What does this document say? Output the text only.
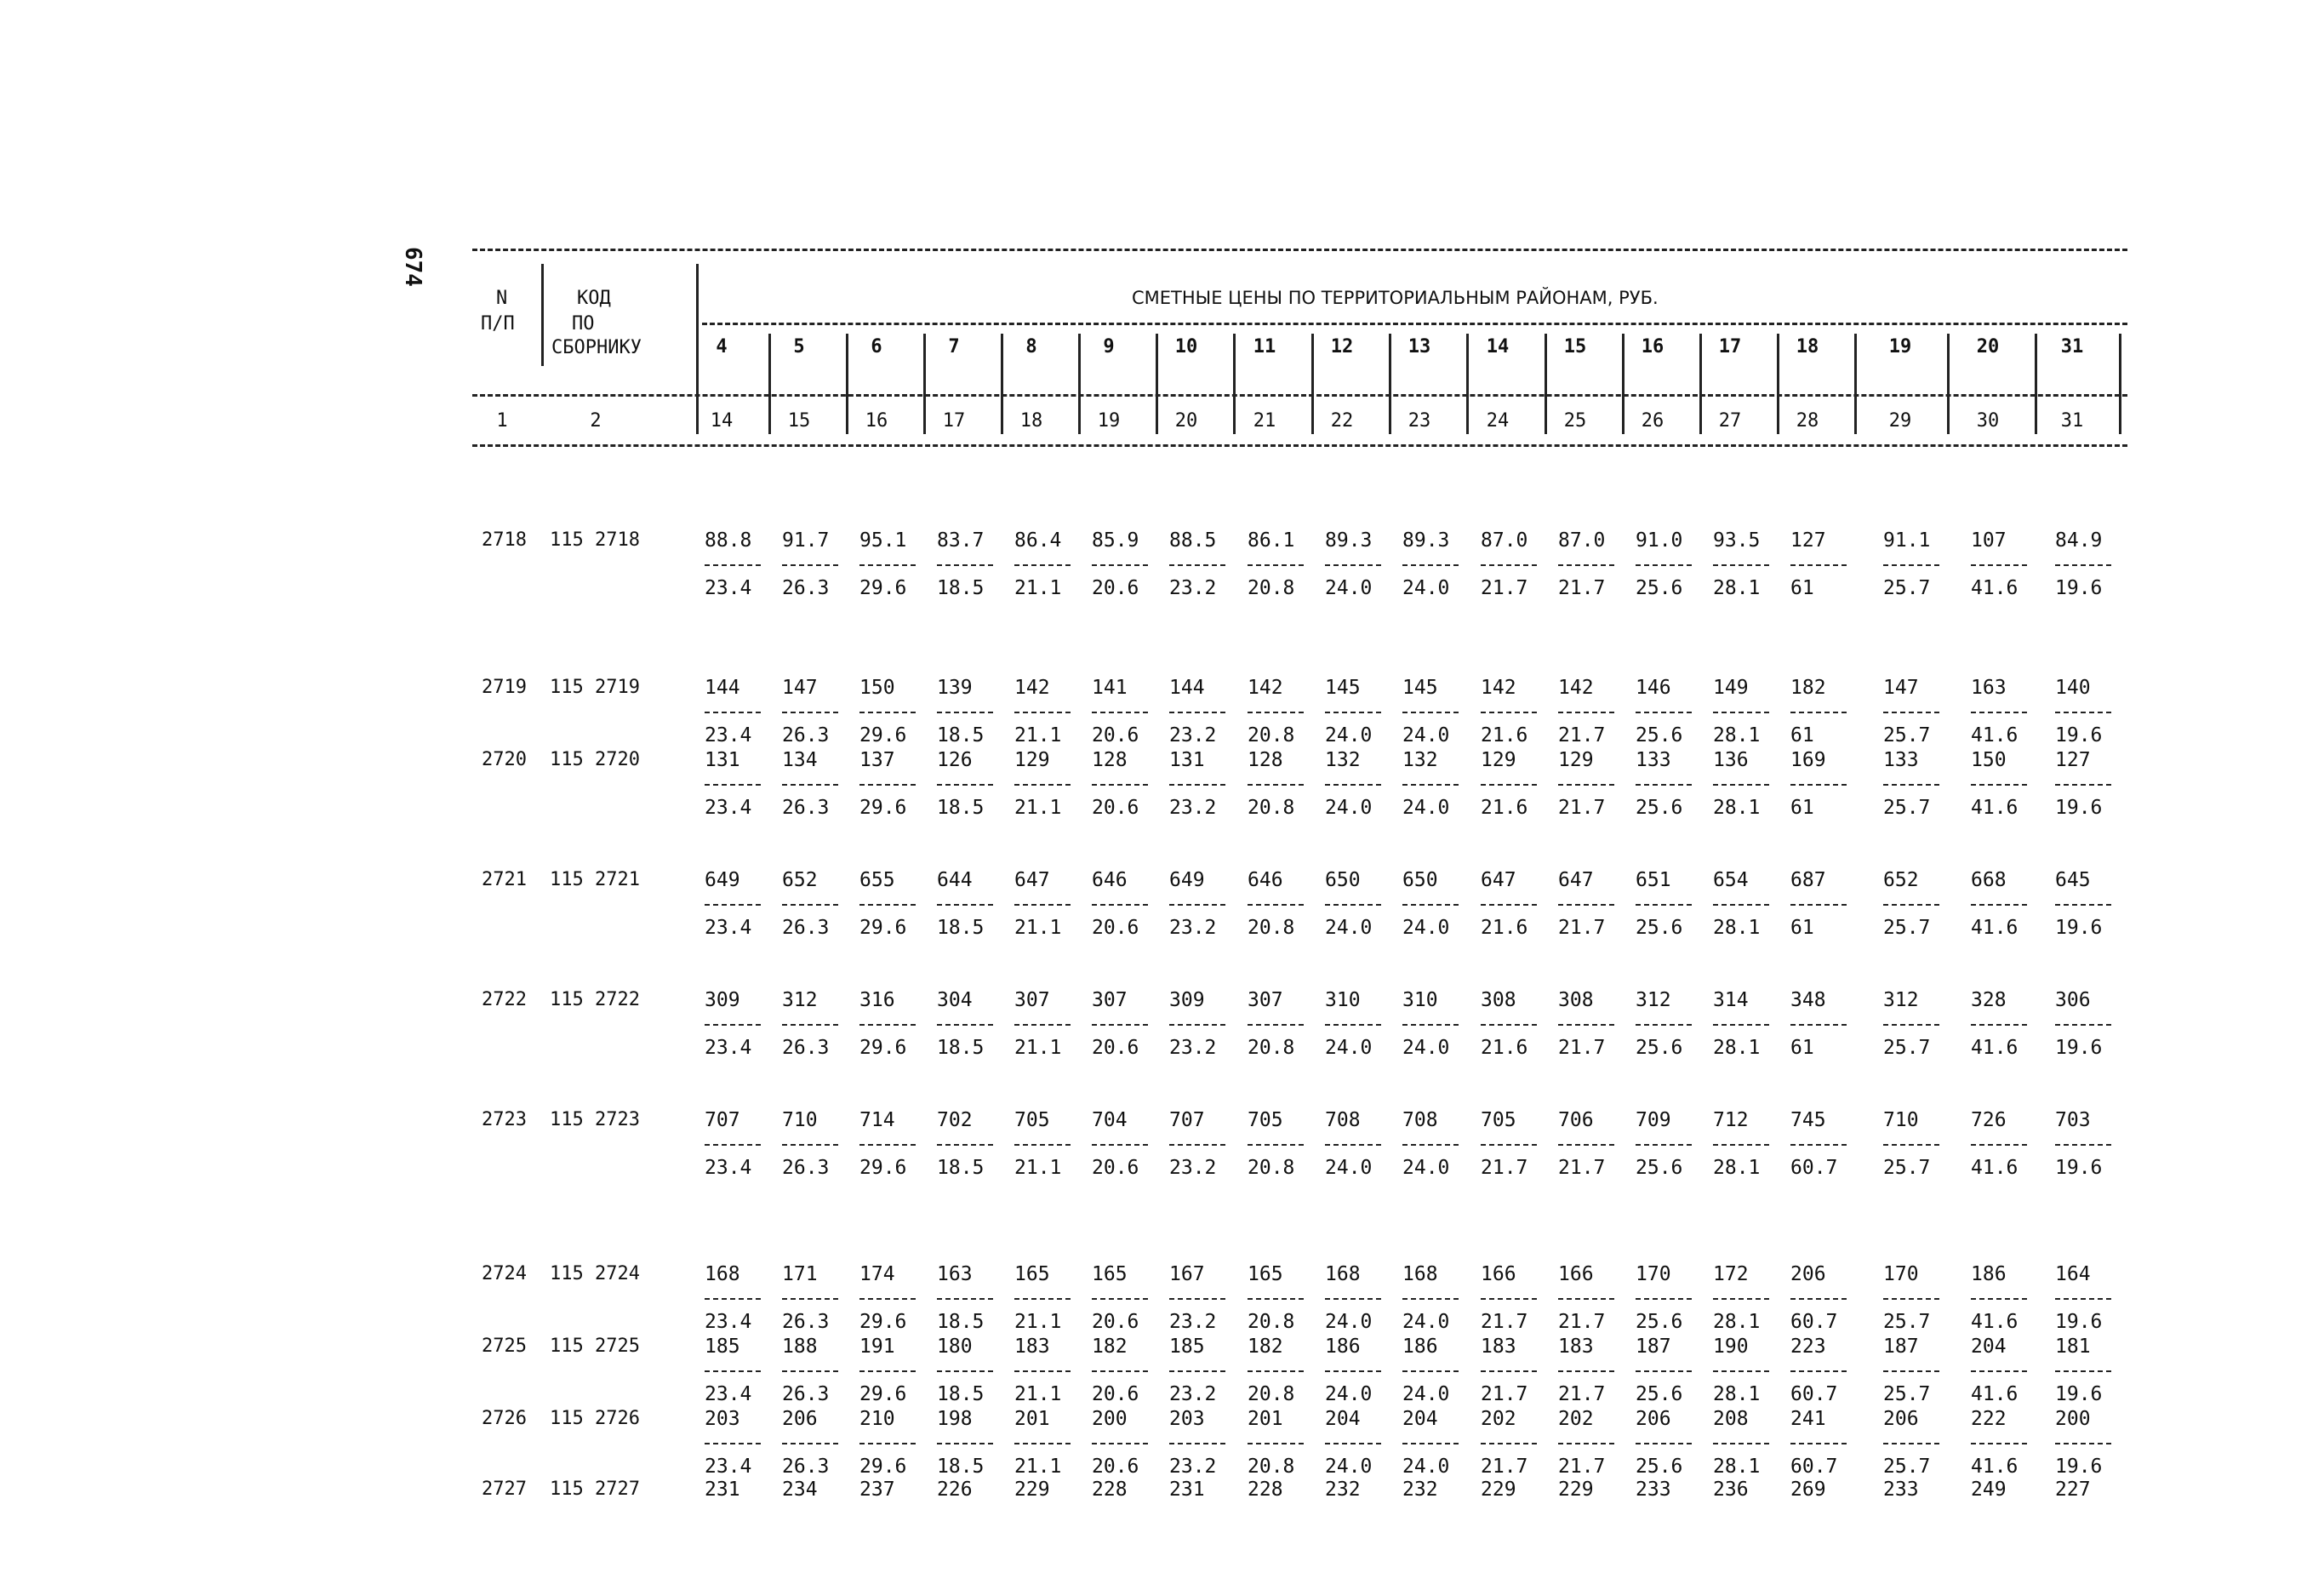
674
N
П/П
КОД
ПО
СБОРНИКУ
СМЕТНЫЕ ЦЕНЫ ПО ТЕРРИТОРИАЛЬНЫМ РАЙОНАМ, РУБ.
4	5	6	7	8	9	10	11	12	13	14	15	16	17	18	19	20	31
1	2	14	15	16	17	18	19	20	21	22	23	24	25	26	27	28	29	30	31
2718 115 2718	88.8	91.7	95.1	83.7	86.4	85.9	88.5	86.1	89.3	89.3	87.0	87.0	91.0	93.5	127	91.1	107	84.9
23.4	26.3	29.6	18.5	21.1	20.6	23.2	20.8	24.0	24.0	21.7	21.7	25.6	28.1	61	25.7	41.6	19.6
2719 115 2719	144	147	150	139	142	141	144	142	145	145	142	142	146	149	182	147	163	140
23.4	26.3	29.6	18.5	21.1	20.6	23.2	20.8	24.0	24.0	21.6	21.7	25.6	28.1	61	25.7	41.6	19.6
2720 115 2720	131	134	137	126	129	128	131	128	132	132	129	129	133	136	169	133	150	127
23.4	26.3	29.6	18.5	21.1	20.6	23.2	20.8	24.0	24.0	21.6	21.7	25.6	28.1	61	25.7	41.6	19.6
2721 115 2721	649	652	655	644	647	646	649	646	650	650	647	647	651	654	687	652	668	645
23.4	26.3	29.6	18.5	21.1	20.6	23.2	20.8	24.0	24.0	21.6	21.7	25.6	28.1	61	25.7	41.6	19.6
2722 115 2722	309	312	316	304	307	307	309	307	310	310	308	308	312	314	348	312	328	306
23.4	26.3	29.6	18.5	21.1	20.6	23.2	20.8	24.0	24.0	21.6	21.7	25.6	28.1	61	25.7	41.6	19.6
2723 115 2723	707	710	714	702	705	704	707	705	708	708	705	706	709	712	745	710	726	703
23.4	26.3	29.6	18.5	21.1	20.6	23.2	20.8	24.0	24.0	21.7	21.7	25.6	28.1	60.7	25.7	41.6	19.6
2724 115 2724	168	171	174	163	165	165	167	165	168	168	166	166	170	172	206	170	186	164
23.4	26.3	29.6	18.5	21.1	20.6	23.2	20.8	24.0	24.0	21.7	21.7	25.6	28.1	60.7	25.7	41.6	19.6
2725 115 2725	185	188	191	180	183	182	185	182	186	186	183	183	187	190	223	187	204	181
23.4	26.3	29.6	18.5	21.1	20.6	23.2	20.8	24.0	24.0	21.7	21.7	25.6	28.1	60.7	25.7	41.6	19.6
2726 115 2726	203	206	210	198	201	200	203	201	204	204	202	202	206	208	241	206	222	200
23.4	26.3	29.6	18.5	21.1	20.6	23.2	20.8	24.0	24.0	21.7	21.7	25.6	28.1	60.7	25.7	41.6	19.6
2727 115 2727	231	234	237	226	229	228	231	228	232	232	229	229	233	236	269	233	249	227
